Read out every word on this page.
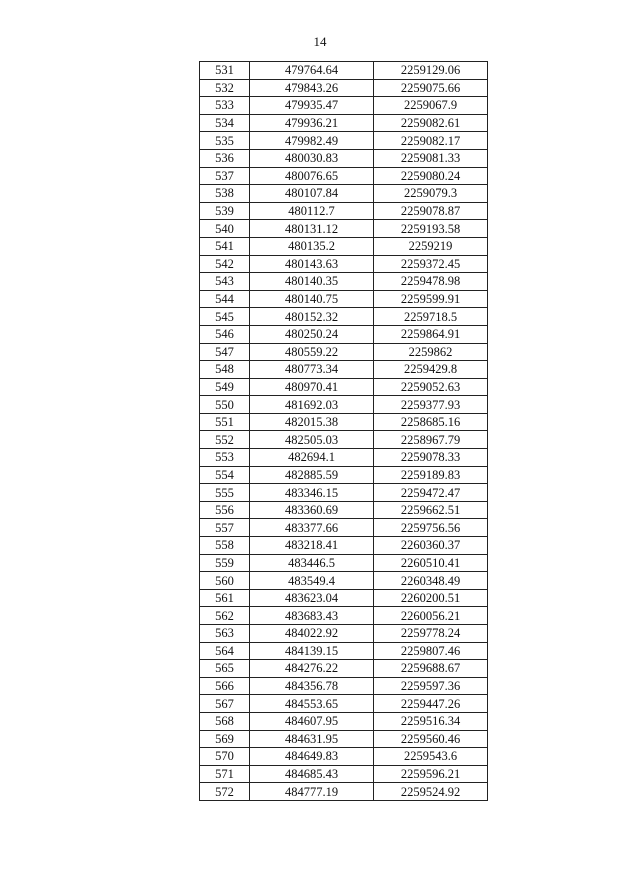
14
531	479764.64	2259129.06
532	479843.26	2259075.66
533	479935.47	2259067.9
534	479936.21	2259082.61
535	479982.49	2259082.17
536	480030.83	2259081.33
537	480076.65	2259080.24
538	480107.84	2259079.3
539	480112.7	2259078.87
540	480131.12	2259193.58
541	480135.2	2259219
542	480143.63	2259372.45
543	480140.35	2259478.98
544	480140.75	2259599.91
545	480152.32	2259718.5
546	480250.24	2259864.91
547	480559.22	2259862
548	480773.34	2259429.8
549	480970.41	2259052.63
550	481692.03	2259377.93
551	482015.38	2258685.16
552	482505.03	2258967.79
553	482694.1	2259078.33
554	482885.59	2259189.83
555	483346.15	2259472.47
556	483360.69	2259662.51
557	483377.66	2259756.56
558	483218.41	2260360.37
559	483446.5	2260510.41
560	483549.4	2260348.49
561	483623.04	2260200.51
562	483683.43	2260056.21
563	484022.92	2259778.24
564	484139.15	2259807.46
565	484276.22	2259688.67
566	484356.78	2259597.36
567	484553.65	2259447.26
568	484607.95	2259516.34
569	484631.95	2259560.46
570	484649.83	2259543.6
571	484685.43	2259596.21
572	484777.19	2259524.92
